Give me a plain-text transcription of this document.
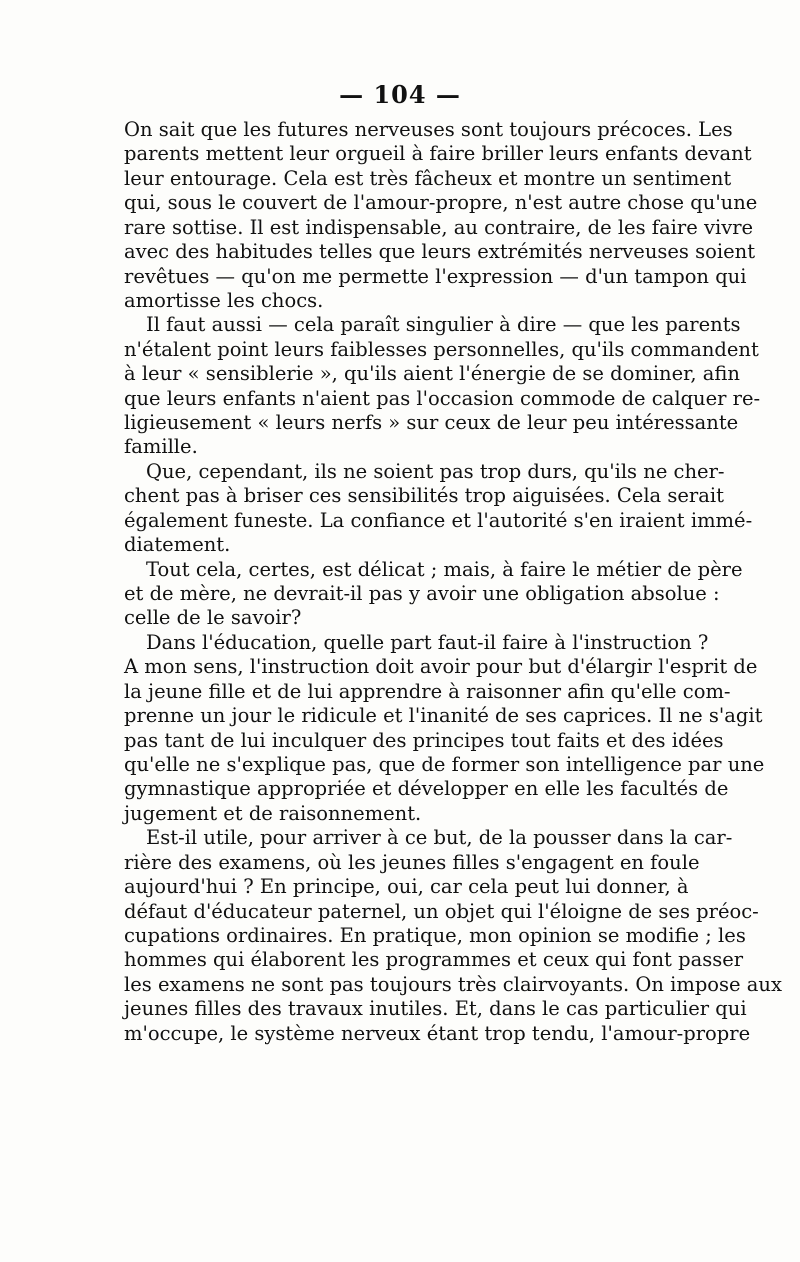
— 104 —
On sait que les futures nerveuses sont toujours précoces. Les
parents mettent leur orgueil à faire briller leurs enfants devant
leur entourage. Cela est très fâcheux et montre un sentiment
qui, sous le couvert de l'amour-propre, n'est autre chose qu'une
rare sottise. Il est indispensable, au contraire, de les faire vivre
avec des habitudes telles que leurs extrémités nerveuses soient
revêtues — qu'on me permette l'expression — d'un tampon qui
amortisse les chocs.
Il faut aussi — cela paraît singulier à dire — que les parents
n'étalent point leurs faiblesses personnelles, qu'ils commandent
à leur « sensiblerie », qu'ils aient l'énergie de se dominer, afin
que leurs enfants n'aient pas l'occasion commode de calquer re-
ligieusement « leurs nerfs » sur ceux de leur peu intéressante
famille.
Que, cependant, ils ne soient pas trop durs, qu'ils ne cher-
chent pas à briser ces sensibilités trop aiguisées. Cela serait
également funeste. La confiance et l'autorité s'en iraient immé-
diatement.
Tout cela, certes, est délicat ; mais, à faire le métier de père
et de mère, ne devrait-il pas y avoir une obligation absolue :
celle de le savoir?
Dans l'éducation, quelle part faut-il faire à l'instruction ?
A mon sens, l'instruction doit avoir pour but d'élargir l'esprit de
la jeune fille et de lui apprendre à raisonner afin qu'elle com-
prenne un jour le ridicule et l'inanité de ses caprices. Il ne s'agit
pas tant de lui inculquer des principes tout faits et des idées
qu'elle ne s'explique pas, que de former son intelligence par une
gymnastique appropriée et développer en elle les facultés de
jugement et de raisonnement.
Est-il utile, pour arriver à ce but, de la pousser dans la car-
rière des examens, où les jeunes filles s'engagent en foule
aujourd'hui ? En principe, oui, car cela peut lui donner, à
défaut d'éducateur paternel, un objet qui l'éloigne de ses préoc-
cupations ordinaires. En pratique, mon opinion se modifie ; les
hommes qui élaborent les programmes et ceux qui font passer
les examens ne sont pas toujours très clairvoyants. On impose aux
jeunes filles des travaux inutiles. Et, dans le cas particulier qui
m'occupe, le système nerveux étant trop tendu, l'amour-propre
